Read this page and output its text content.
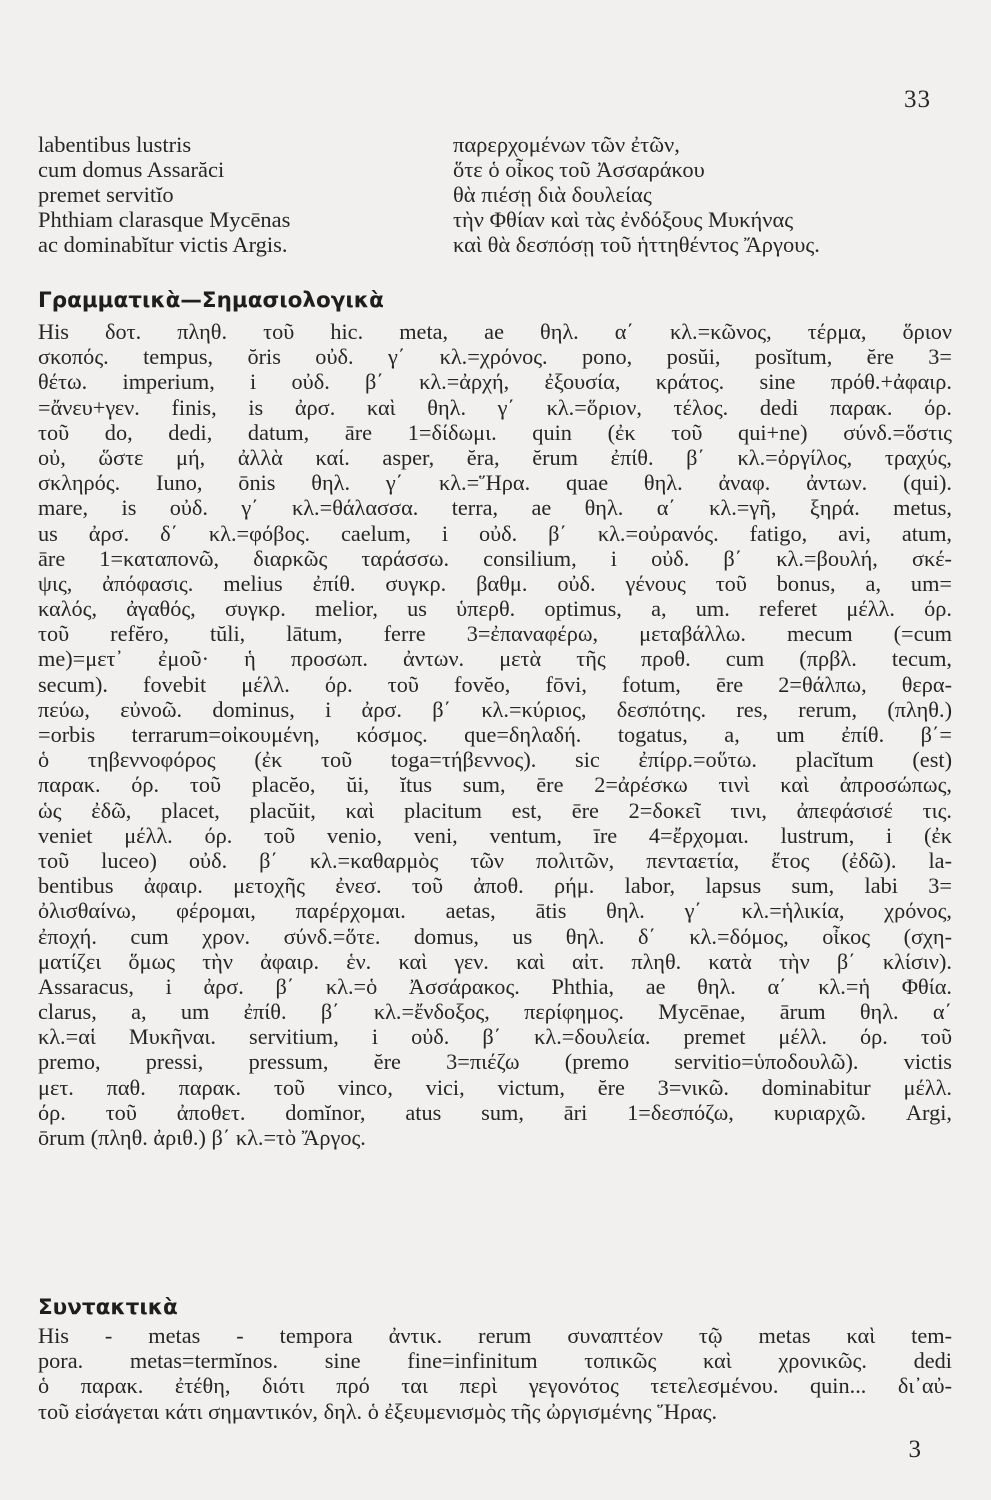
33
labentibus lustris	παρερχομένων τῶν ἐτῶν,
cum domus Assarăci	ὅτε ὁ οἶκος τοῦ Ἀσσαράκου
premet servitĭo	θὰ πιέσῃ διὰ δουλείας
Phthiam clarasque Mycēnas	τὴν Φθίαν καὶ τὰς ἐνδόξους Μυκήνας
ac dominabĭtur victis Argis.	καὶ θὰ δεσπόσῃ τοῦ ἡττηθέντος Ἄργους.
Γραμματικὰ—Σημασιολογικὰ
His δοτ. πληθ. τοῦ hic. meta, ae θηλ. α΄ κλ.=κῶνος, τέρμα, ὅριον
σκοπός. tempus, ŏris οὐδ. γ΄ κλ.=χρόνος. pono, posŭi, posĭtum, ĕre 3=
θέτω. imperium, i οὐδ. β΄ κλ.=ἀρχή, ἐξουσία, κράτος. sine πρόθ.+ἀφαιρ.
=ἄνευ+γεν. finis, is ἀρσ. καὶ θηλ. γ΄ κλ.=ὅριον, τέλος. dedi παρακ. όρ.
τοῦ do, dedi, datum, āre 1=δίδωμι. quin (ἐκ τοῦ qui+ne) σύνδ.=ὅστις
οὐ, ὥστε μή, ἀλλὰ καί. asper, ĕra, ĕrum ἐπίθ. β΄ κλ.=ὀργίλος, τραχύς,
σκληρός. Iuno, ōnis θηλ. γ΄ κλ.=Ἥρα. quae θηλ. ἀναφ. ἀντων. (qui).
mare, is οὐδ. γ΄ κλ.=θάλασσα. terra, ae θηλ. α΄ κλ.=γῆ, ξηρά. metus,
us ἀρσ. δ΄ κλ.=φόβος. caelum, i οὐδ. β΄ κλ.=οὐρανός. fatigo, avi, atum,
āre 1=καταπονῶ, διαρκῶς ταράσσω. consilium, i οὐδ. β΄ κλ.=βουλή, σκέ-
ψις, ἀπόφασις. melius ἐπίθ. συγκρ. βαθμ. οὐδ. γένους τοῦ bonus, a, um=
καλός, ἀγαθός, συγκρ. melior, us ὑπερθ. optimus, a, um. referet μέλλ. όρ.
τοῦ refĕro, tŭli, lātum, ferre 3=ἐπαναφέρω, μεταβάλλω. mecum (=cum
me)=μετ᾽ ἐμοῦ· ἡ προσωπ. ἀντων. μετὰ τῆς προθ. cum (πρβλ. tecum,
secum). fovebit μέλλ. όρ. τοῦ fovĕo, fōvi, fotum, ēre 2=θάλπω, θερα-
πεύω, εὐνοῶ. dominus, i ἀρσ. β΄ κλ.=κύριος, δεσπότης. res, rerum, (πληθ.)
=orbis terrarum=οἰκουμένη, κόσμος. que=δηλαδή. togatus, a, um ἐπίθ. β΄=
ὁ τηβεννοφόρος (ἐκ τοῦ toga=τήβεννος). sic ἐπίρρ.=οὕτω. placĭtum (est)
παρακ. όρ. τοῦ placĕo, ŭi, ĭtus sum, ēre 2=ἀρέσκω τινὶ καὶ ἀπροσώπως,
ὡς ἐδῶ, placet, placŭit, καὶ placitum est, ēre 2=δοκεῖ τινι, ἀπεφάσισέ τις.
veniet μέλλ. όρ. τοῦ venio, veni, ventum, īre 4=ἔρχομαι. lustrum, i (ἐκ
τοῦ luceo) οὐδ. β΄ κλ.=καθαρμὸς τῶν πολιτῶν, πενταετία, ἔτος (ἐδῶ). la-
bentibus ἀφαιρ. μετοχῆς ἐνεσ. τοῦ ἀποθ. ρήμ. labor, lapsus sum, labi 3=
ὀλισθαίνω, φέρομαι, παρέρχομαι. aetas, ātis θηλ. γ΄ κλ.=ἡλικία, χρόνος,
ἐποχή. cum χρον. σύνδ.=ὅτε. domus, us θηλ. δ΄ κλ.=δόμος, οἶκος (σχη-
ματίζει ὅμως τὴν ἀφαιρ. ἑν. καὶ γεν. καὶ αἰτ. πληθ. κατὰ τὴν β΄ κλίσιν).
Assaracus, i ἀρσ. β΄ κλ.=ὁ Ἀσσάρακος. Phthia, ae θηλ. α΄ κλ.=ἡ Φθία.
clarus, a, um ἐπίθ. β΄ κλ.=ἔνδοξος, περίφημος. Mycēnae, ārum θηλ. α΄
κλ.=αἱ Μυκῆναι. servitium, i οὐδ. β΄ κλ.=δουλεία. premet μέλλ. όρ. τοῦ
premo, pressi, pressum, ĕre 3=πιέζω (premo servitio=ὑποδουλῶ). victis
μετ. παθ. παρακ. τοῦ vinco, vici, victum, ĕre 3=νικῶ. dominabitur μέλλ.
όρ. τοῦ ἀποθετ. domĭnor, atus sum, āri 1=δεσπόζω, κυριαρχῶ. Argi,
ōrum (πληθ. ἀριθ.) β΄ κλ.=τὸ Ἄργος.
Συντακτικὰ
His - metas - tempora ἀντικ. rerum συναπτέον τῷ metas καὶ tem-
pora. metas=termĭnos. sine fine=infinitum τοπικῶς καὶ χρονικῶς. dedi
ὁ παρακ. ἐτέθη, διότι πρό ται περὶ γεγονότος τετελεσμένου. quin... δι᾽αὐ-
τοῦ εἰσάγεται κάτι σημαντικόν, δηλ. ὁ ἐξευμενισμὸς τῆς ὠργισμένης Ἥρας.
3
